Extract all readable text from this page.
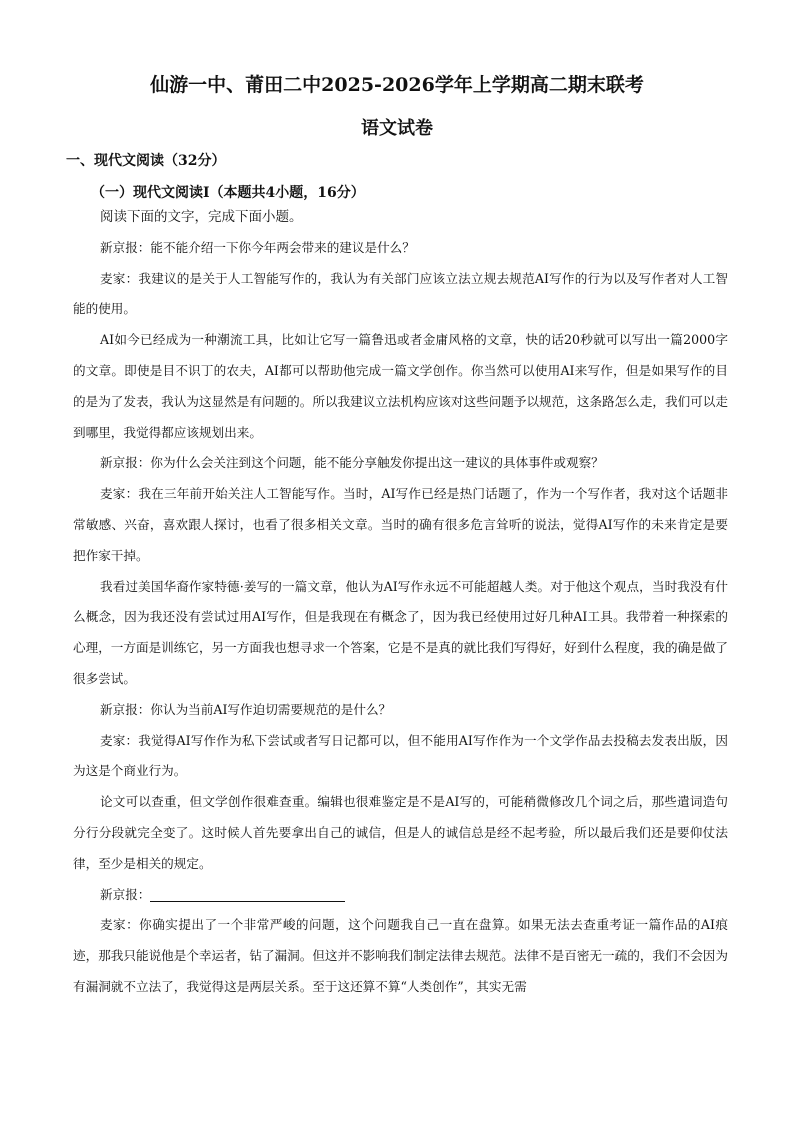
仙游一中、莆田二中2025-2026学年上学期高二期末联考
语文试卷
一、现代文阅读（32分）
（一）现代文阅读Ⅰ（本题共4小题，16分）

阅读下面的文字，完成下面小题。

新京报：能不能介绍一下你今年两会带来的建议是什么？

麦家：我建议的是关于人工智能写作的，我认为有关部门应该立法立规去规范AI写作的行为以及写作者对人工智能的使用。

AI如今已经成为一种潮流工具，比如让它写一篇鲁迅或者金庸风格的文章，快的话20秒就可以写出一篇2000字的文章。即使是目不识丁的农夫，AI都可以帮助他完成一篇文学创作。你当然可以使用AI来写作，但是如果写作的目的是为了发表，我认为这显然是有问题的。所以我建议立法机构应该对这些问题予以规范，这条路怎么走，我们可以走到哪里，我觉得都应该规划出来。

新京报：你为什么会关注到这个问题，能不能分享触发你提出这一建议的具体事件或观察？

麦家：我在三年前开始关注人工智能写作。当时，AI写作已经是热门话题了，作为一个写作者，我对这个话题非常敏感、兴奋，喜欢跟人探讨，也看了很多相关文章。当时的确有很多危言耸听的说法，觉得AI写作的未来肯定是要把作家干掉。

我看过美国华裔作家特德·姜写的一篇文章，他认为AI写作永远不可能超越人类。对于他这个观点，当时我没有什么概念，因为我还没有尝试过用AI写作，但是我现在有概念了，因为我已经使用过好几种AI工具。我带着一种探索的心理，一方面是训练它，另一方面我也想寻求一个答案，它是不是真的就比我们写得好，好到什么程度，我的确是做了很多尝试。

新京报：你认为当前AI写作迫切需要规范的是什么？

麦家：我觉得AI写作作为私下尝试或者写日记都可以，但不能用AI写作作为一个文学作品去投稿去发表出版，因为这是个商业行为。

论文可以查重，但文学创作很难查重。编辑也很难鉴定是不是AI写的，可能稍微修改几个词之后，那些遣词造句分行分段就完全变了。这时候人首先要拿出自己的诚信，但是人的诚信总是经不起考验，所以最后我们还是要仰仗法律，至少是相关的规定。

新京报：

麦家：你确实提出了一个非常严峻的问题，这个问题我自己一直在盘算。如果无法去查重考证一篇作品的AI痕迹，那我只能说他是个幸运者，钻了漏洞。但这并不影响我们制定法律去规范。法律不是百密无一疏的，我们不会因为有漏洞就不立法了，我觉得这是两层关系。至于这还算不算“人类创作”，其实无需
